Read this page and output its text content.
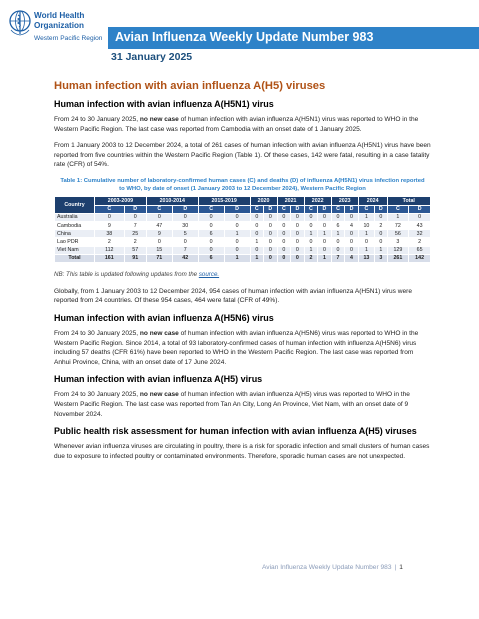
World Health
Organization
Western Pacific Region Avian Influenza Weekly Update Number 983
31 January 2025
Human infection with avian influenza A(H5) viruses
Human infection with avian influenza A(H5N1) virus

From 24 to 30 January 2025, no new case of human infection with avian influenza A(H5N1) virus was reported to WHO in the Western Pacific Region. The last case was reported from Cambodia with an onset date of 1 January 2025.

From 1 January 2003 to 12 December 2024, a total of 261 cases of human infection with avian influenza A(H5N1) virus have been reported from five countries within the Western Pacific Region (Table 1). Of these cases, 142 were fatal, resulting in a case fatality rate (CFR) of 54%.

Table 1: Cumulative number of laboratory-confirmed human cases (C) and deaths (D) of influenza A(H5N1) virus infection reported to WHO, by date of onset (1 January 2003 to 12 December 2024), Western Pacific Region
Country	2003-2009		2010-2014		2015-2019		2020		2021		2022		2023		2024		Total	
	C	D	C	D	C	D	C	D	C	D	C	D	C	D	C	D	C	D
Australia	0	0	0	0	0	0	0	0	0	0	0	0	0	0	1	0	1	0
Cambodia	9	7	47	30	0	0	0	0	0	0	0	0	6	4	10	2	72	43
China	38	25	9	5	6	1	0	0	0	0	1	1	1	0	1	0	56	32
Lao PDR	2	2	0	0	0	0	1	0	0	0	0	0	0	0	0	0	3	2
Viet Nam	112	57	15	7	0	0	0	0	0	0	1	0	0	0	1	1	129	65
Total	161	91	71	42	6	1	1	0	0	0	2	1	7	4	13	3	261	142

NB: This table is updated following updates from the source.

Globally, from 1 January 2003 to 12 December 2024, 954 cases of human infection with avian influenza A(H5N1) virus were reported from 24 countries. Of these 954 cases, 464 were fatal (CFR of 49%).

Human infection with avian influenza A(H5N6) virus

From 24 to 30 January 2025, no new case of human infection with avian influenza A(H5N6) virus was reported to WHO in the Western Pacific Region. Since 2014, a total of 93 laboratory-confirmed cases of human infection with influenza A(H5N6) virus including 57 deaths (CFR 61%) have been reported to WHO in the Western Pacific Region. The last case was reported from Anhui Province, China, with an onset date of 17 June 2024.

Human infection with avian influenza A(H5) virus

From 24 to 30 January 2025, no new case of human infection with avian influenza A(H5) virus was reported to WHO in the Western Pacific Region. The last case was reported from Tan An City, Long An Province, Viet Nam, with an onset date of 9 November 2024.

Public health risk assessment for human infection with avian influenza A(H5) viruses

Whenever avian influenza viruses are circulating in poultry, there is a risk for sporadic infection and small clusters of human cases due to exposure to infected poultry or contaminated environments. Therefore, sporadic human cases are not unexpected.

Avian Influenza Weekly Update Number 983 | 1
